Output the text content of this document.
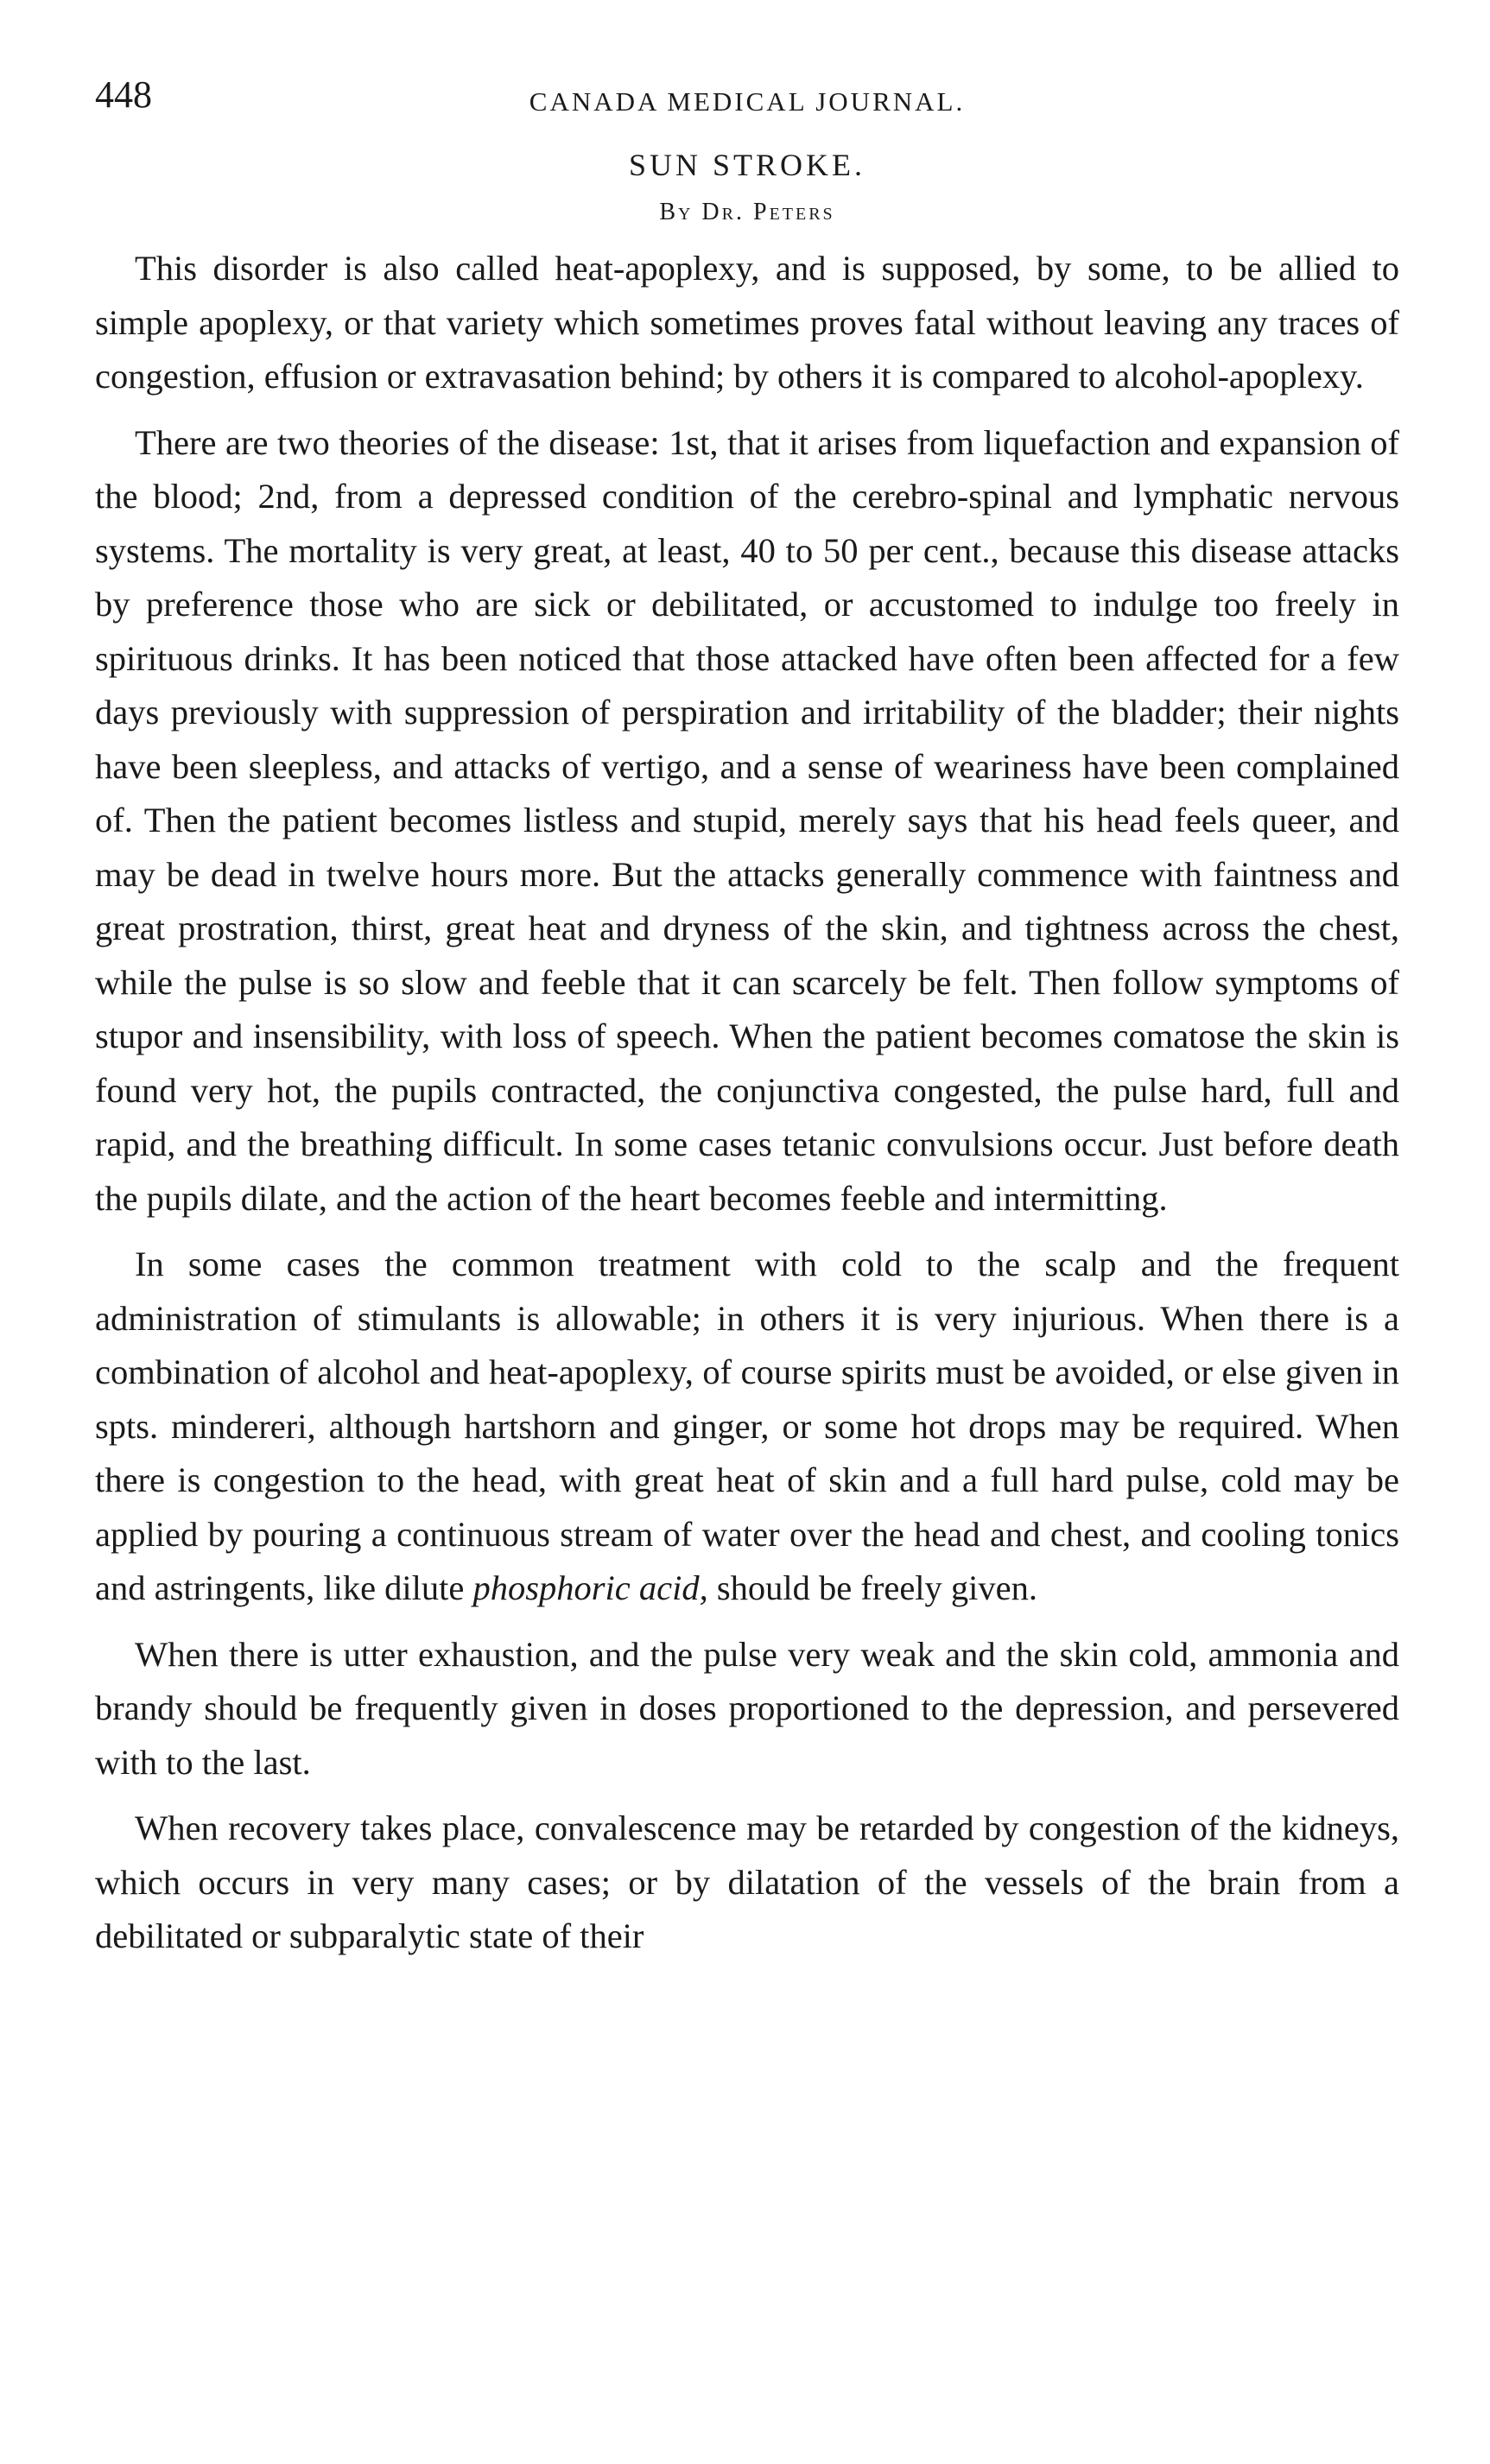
448	CANADA MEDICAL JOURNAL.
SUN STROKE.
By Dr. Peters

This disorder is also called heat-apoplexy, and is supposed, by some, to be allied to simple apoplexy, or that variety which sometimes proves fatal without leaving any traces of congestion, effusion or extravasation behind; by others it is compared to alcohol-apoplexy.

There are two theories of the disease: 1st, that it arises from liquefaction and expansion of the blood; 2nd, from a depressed condition of the cerebro-spinal and lymphatic nervous systems. The mortality is very great, at least, 40 to 50 per cent., because this disease attacks by preference those who are sick or debilitated, or accustomed to indulge too freely in spirituous drinks. It has been noticed that those attacked have often been affected for a few days previously with suppression of perspiration and irritability of the bladder; their nights have been sleepless, and attacks of vertigo, and a sense of weariness have been complained of. Then the patient becomes listless and stupid, merely says that his head feels queer, and may be dead in twelve hours more. But the attacks generally commence with faintness and great prostration, thirst, great heat and dryness of the skin, and tightness across the chest, while the pulse is so slow and feeble that it can scarcely be felt. Then follow symptoms of stupor and insensibility, with loss of speech. When the patient becomes comatose the skin is found very hot, the pupils contracted, the conjunctiva congested, the pulse hard, full and rapid, and the breathing difficult. In some cases tetanic convulsions occur. Just before death the pupils dilate, and the action of the heart becomes feeble and intermitting.

In some cases the common treatment with cold to the scalp and the frequent administration of stimulants is allowable; in others it is very injurious. When there is a combination of alcohol and heat-apoplexy, of course spirits must be avoided, or else given in spts. mindereri, although hartshorn and ginger, or some hot drops may be required. When there is congestion to the head, with great heat of skin and a full hard pulse, cold may be applied by pouring a continuous stream of water over the head and chest, and cooling tonics and astringents, like dilute phosphoric acid, should be freely given.

When there is utter exhaustion, and the pulse very weak and the skin cold, ammonia and brandy should be frequently given in doses proportioned to the depression, and persevered with to the last.

When recovery takes place, convalescence may be retarded by congestion of the kidneys, which occurs in very many cases; or by dilatation of the vessels of the brain from a debilitated or subparalytic state of their
